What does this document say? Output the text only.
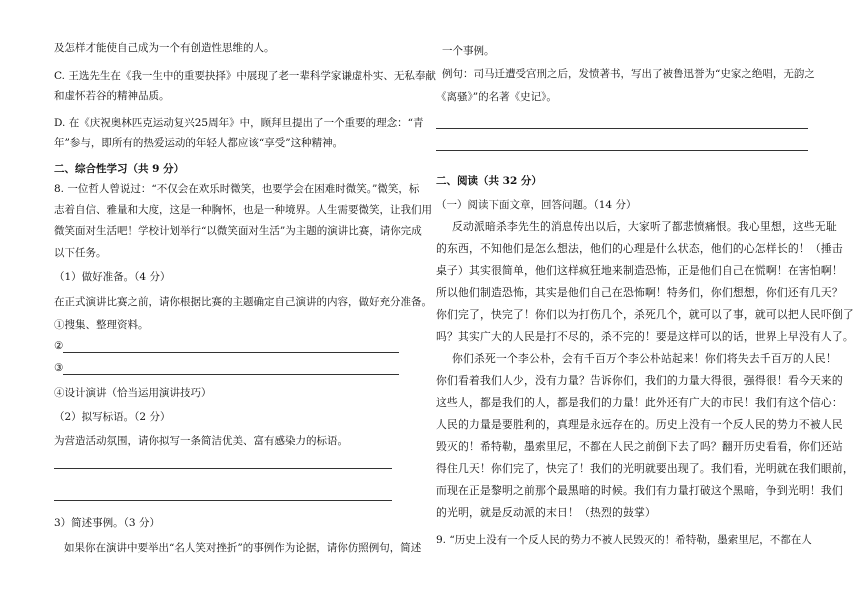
及怎样才能使自己成为一个有创造性思维的人。
C. 王选先生在《我一生中的重要抉择》中展现了老一辈科学家谦虚朴实、无私奉献
和虚怀若谷的精神品质。
D. 在《庆祝奥林匹克运动复兴25周年》中，顾拜旦提出了一个重要的理念：“青
年”参与，即所有的热爱运动的年轻人都应该“享受”这种精神。
二、综合性学习（共 9 分）
8. 一位哲人曾说过：“不仅会在欢乐时微笑，也要学会在困难时微笑。”微笑，标
志着自信、雅量和大度，这是一种胸怀，也是一种境界。人生需要微笑，让我们用
微笑面对生活吧！学校计划举行“以微笑面对生活”为主题的演讲比赛，请你完成
以下任务。
（1）做好准备。（4 分）
在正式演讲比赛之前，请你根据比赛的主题确定自己演讲的内容，做好充分准备。
①搜集、整理资料。
②
③
④设计演讲（恰当运用演讲技巧）
（2）拟写标语。（2 分）
为营造活动氛围，请你拟写一条简洁优美、富有感染力的标语。
3）简述事例。（3 分）
如果你在演讲中要举出“名人笑对挫折”的事例作为论据，请你仿照例句，简述
一个事例。
例句：司马迁遭受宫刑之后，发愤著书，写出了被鲁迅誉为“史家之绝唱，无韵之
《离骚》”的名著《史记》。
二、阅读（共 32 分）
（一）阅读下面文章，回答问题。（14 分）
反动派暗杀李先生的消息传出以后，大家听了都悲愤痛恨。我心里想，这些无耻
的东西，不知他们是怎么想法，他们的心理是什么状态，他们的心怎样长的！（捶击
桌子）其实很简单，他们这样疯狂地来制造恐怖，正是他们自己在慌啊！在害怕啊！
所以他们制造恐怖，其实是他们自己在恐怖啊！特务们，你们想想，你们还有几天？
你们完了，快完了！你们以为打伤几个，杀死几个，就可以了事，就可以把人民吓倒了
吗？其实广大的人民是打不尽的，杀不完的！要是这样可以的话，世界上早没有人了。
你们杀死一个李公朴，会有千百万个李公朴站起来！你们将失去千百万的人民！
你们看着我们人少，没有力量？告诉你们，我们的力量大得很，强得很！看今天来的
这些人，都是我们的人，都是我们的力量！此外还有广大的市民！我们有这个信心：
人民的力量是要胜利的，真理是永远存在的。历史上没有一个反人民的势力不被人民
毁灭的！希特勒，墨索里尼，不都在人民之前倒下去了吗？翻开历史看看，你们还站
得住几天！你们完了，快完了！我们的光明就要出现了。我们看，光明就在我们眼前，
而现在正是黎明之前那个最黑暗的时候。我们有力量打破这个黑暗，争到光明！我们
的光明，就是反动派的末日！（热烈的鼓掌）
9. “历史上没有一个反人民的势力不被人民毁灭的！希特勒，墨索里尼，不都在人
